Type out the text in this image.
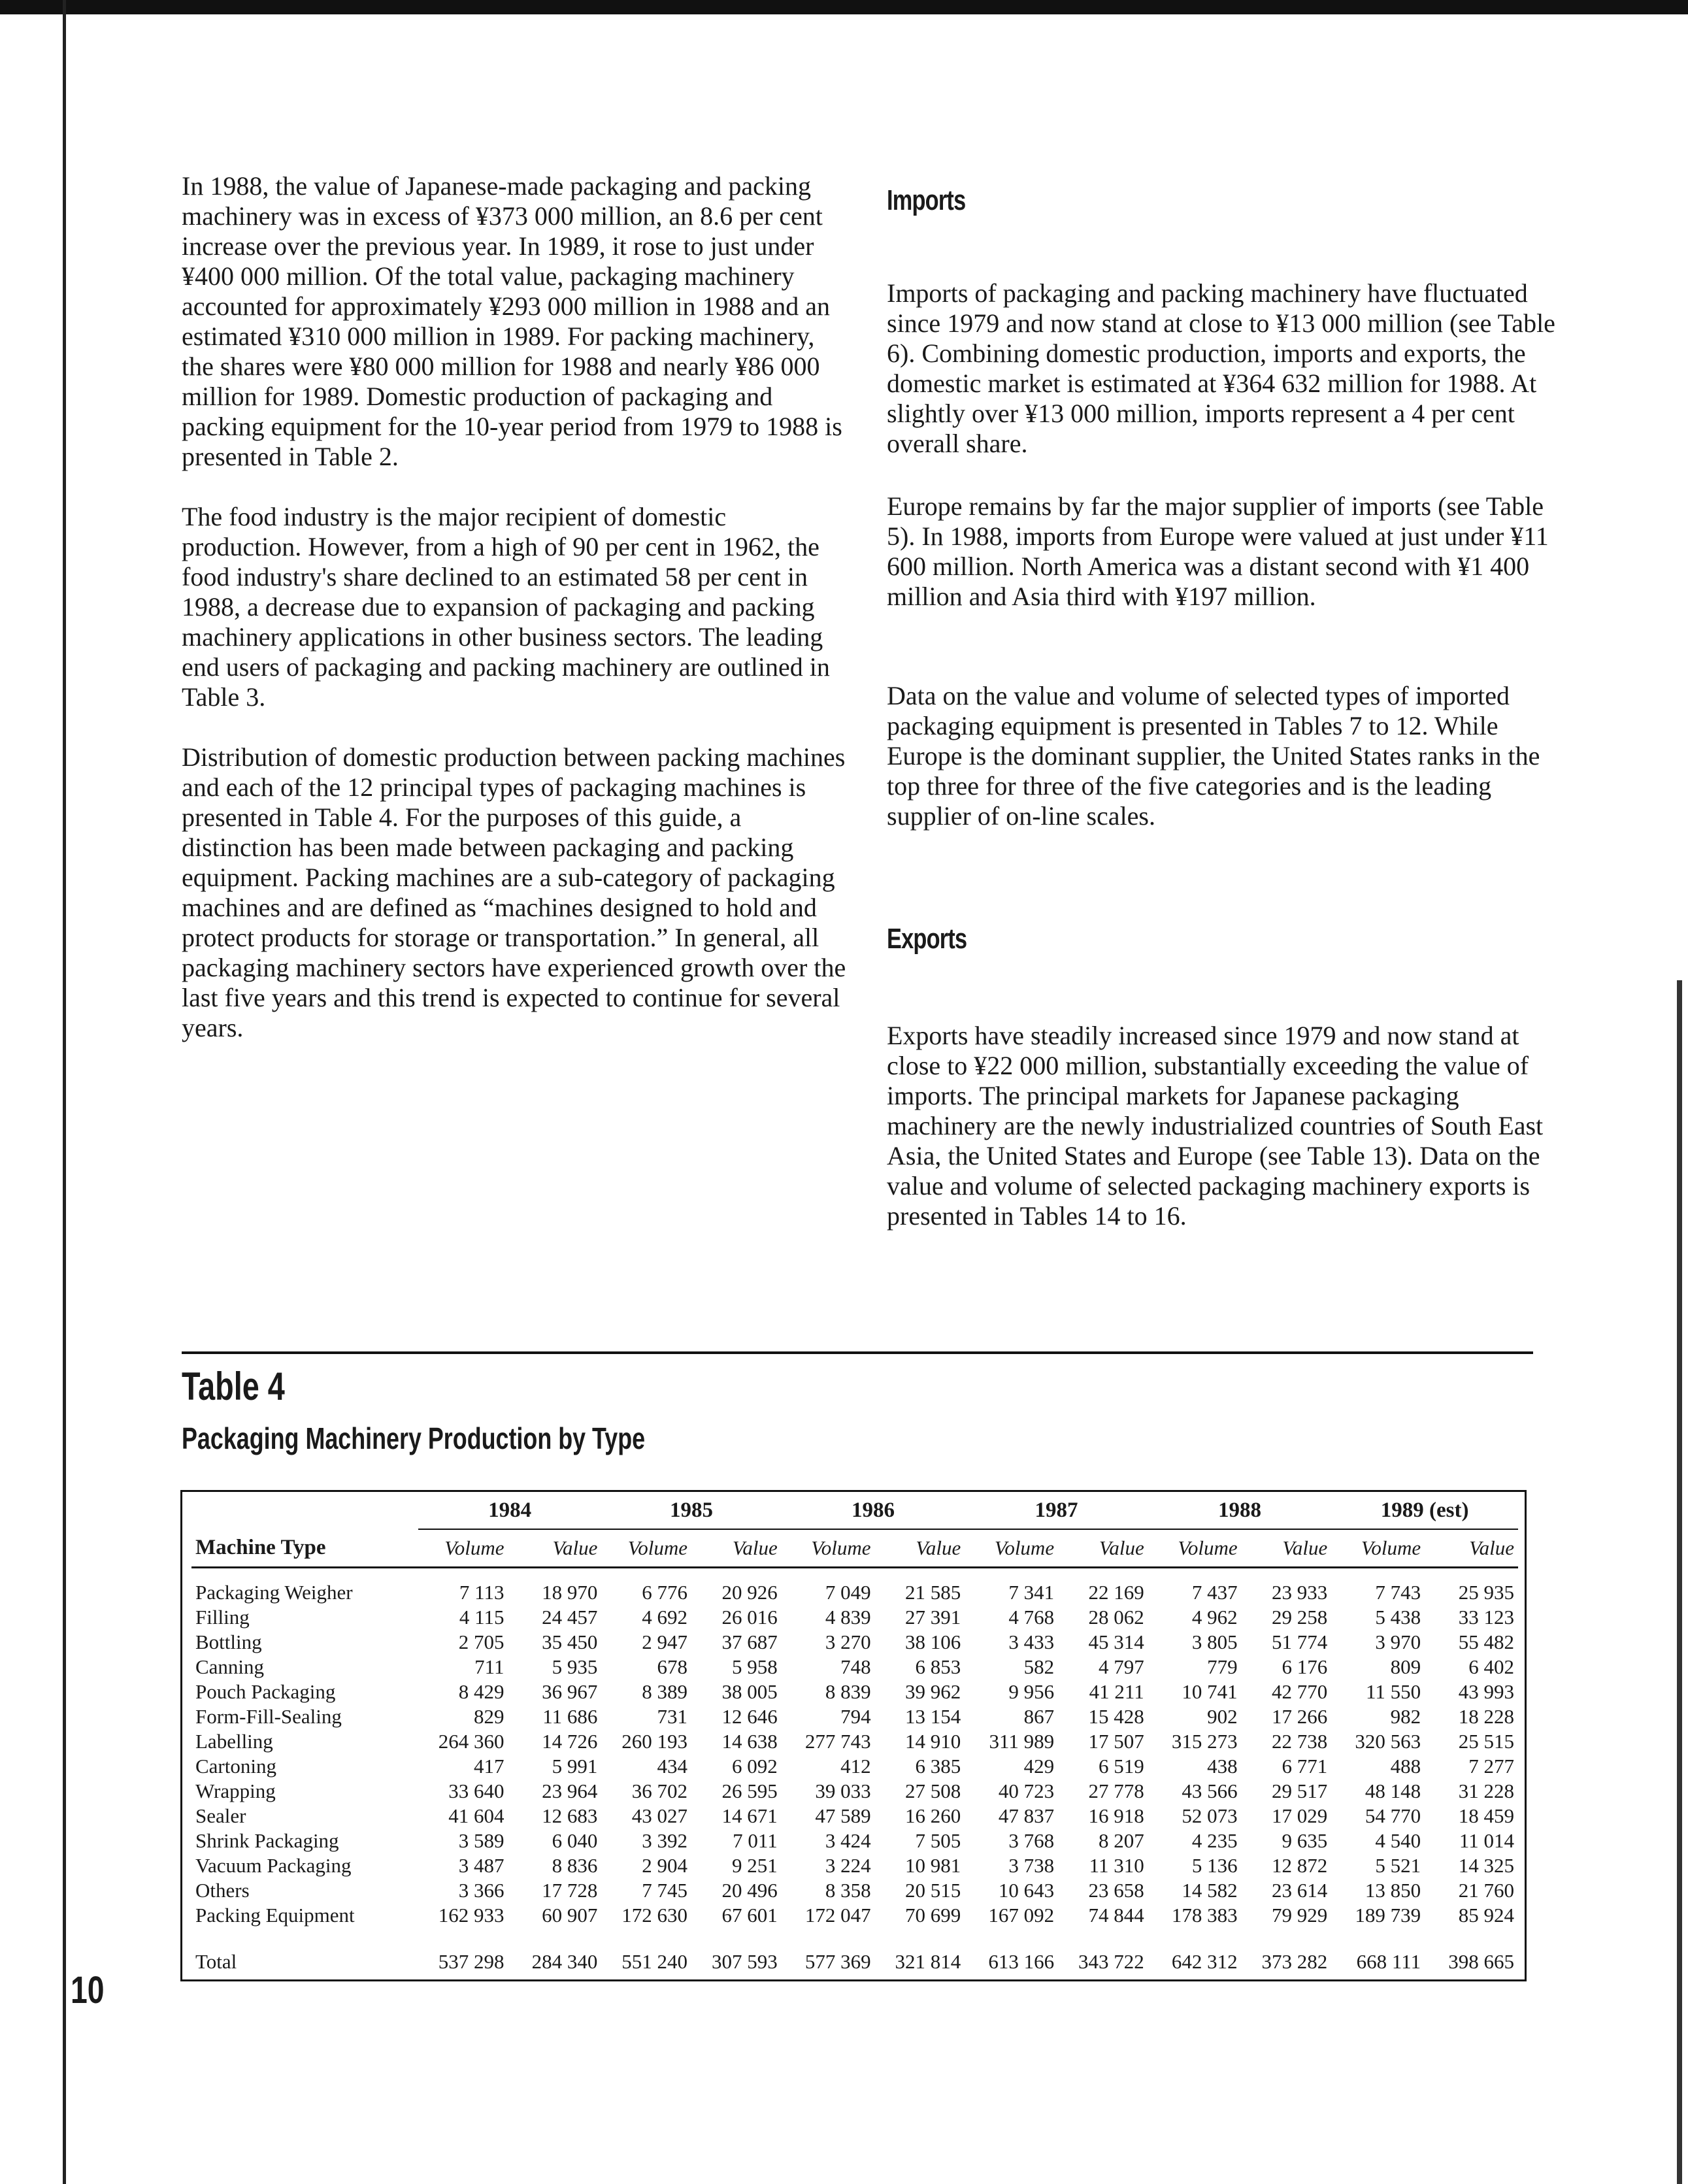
In 1988, the value of Japanese-made packaging and packing machinery was in excess of ¥373 000 million, an 8.6 per cent increase over the previous year. In 1989, it rose to just under ¥400 000 million. Of the total value, packaging machinery accounted for approximately ¥293 000 million in 1988 and an estimated ¥310 000 million in 1989. For packing machinery, the shares were ¥80 000 million for 1988 and nearly ¥86 000 million for 1989. Domestic production of packaging and packing equipment for the 10-year period from 1979 to 1988 is presented in Table 2.

The food industry is the major recipient of domestic production. However, from a high of 90 per cent in 1962, the food industry's share declined to an estimated 58 per cent in 1988, a decrease due to expansion of packaging and packing machinery applications in other business sectors. The leading end users of packaging and packing machinery are outlined in Table 3.

Distribution of domestic production between packing machines and each of the 12 principal types of packaging machines is presented in Table 4. For the purposes of this guide, a distinction has been made between packaging and packing equipment. Packing machines are a sub-category of packaging machines and are defined as “machines designed to hold and protect products for storage or transportation.” In general, all packaging machinery sectors have experienced growth over the last five years and this trend is expected to continue for several years.

Imports

Imports of packaging and packing machinery have fluctuated since 1979 and now stand at close to ¥13 000 million (see Table 6). Combining domestic production, imports and exports, the domestic market is estimated at ¥364 632 million for 1988. At slightly over ¥13 000 million, imports represent a 4 per cent overall share.

Europe remains by far the major supplier of imports (see Table 5). In 1988, imports from Europe were valued at just under ¥11 600 million. North America was a distant second with ¥1 400 million and Asia third with ¥197 million.

Data on the value and volume of selected types of imported packaging equipment is presented in Tables 7 to 12. While Europe is the dominant supplier, the United States ranks in the top three for three of the five categories and is the leading supplier of on-line scales.

Exports

Exports have steadily increased since 1979 and now stand at close to ¥22 000 million, substantially exceeding the value of imports. The principal markets for Japanese packaging machinery are the newly industrialized countries of South East Asia, the United States and Europe (see Table 13). Data on the value and volume of selected packaging machinery exports is presented in Tables 14 to 16.

Table 4
Packaging Machinery Production by Type
	1984		1985		1986		1987		1988		1989 (est)	
Machine Type	Volume	Value	Volume	Value	Volume	Value	Volume	Value	Volume	Value	Volume	Value

Packaging Weigher	7 113	18 970	6 776	20 926	7 049	21 585	7 341	22 169	7 437	23 933	7 743	25 935
Filling	4 115	24 457	4 692	26 016	4 839	27 391	4 768	28 062	4 962	29 258	5 438	33 123
Bottling	2 705	35 450	2 947	37 687	3 270	38 106	3 433	45 314	3 805	51 774	3 970	55 482
Canning	711	5 935	678	5 958	748	6 853	582	4 797	779	6 176	809	6 402
Pouch Packaging	8 429	36 967	8 389	38 005	8 839	39 962	9 956	41 211	10 741	42 770	11 550	43 993
Form-Fill-Sealing	829	11 686	731	12 646	794	13 154	867	15 428	902	17 266	982	18 228
Labelling	264 360	14 726	260 193	14 638	277 743	14 910	311 989	17 507	315 273	22 738	320 563	25 515
Cartoning	417	5 991	434	6 092	412	6 385	429	6 519	438	6 771	488	7 277
Wrapping	33 640	23 964	36 702	26 595	39 033	27 508	40 723	27 778	43 566	29 517	48 148	31 228
Sealer	41 604	12 683	43 027	14 671	47 589	16 260	47 837	16 918	52 073	17 029	54 770	18 459
Shrink Packaging	3 589	6 040	3 392	7 011	3 424	7 505	3 768	8 207	4 235	9 635	4 540	11 014
Vacuum Packaging	3 487	8 836	2 904	9 251	3 224	10 981	3 738	11 310	5 136	12 872	5 521	14 325
Others	3 366	17 728	7 745	20 496	8 358	20 515	10 643	23 658	14 582	23 614	13 850	21 760
Packing Equipment	162 933	60 907	172 630	67 601	172 047	70 699	167 092	74 844	178 383	79 929	189 739	85 924

Total	537 298	284 340	551 240	307 593	577 369	321 814	613 166	343 722	642 312	373 282	668 111	398 665
10
